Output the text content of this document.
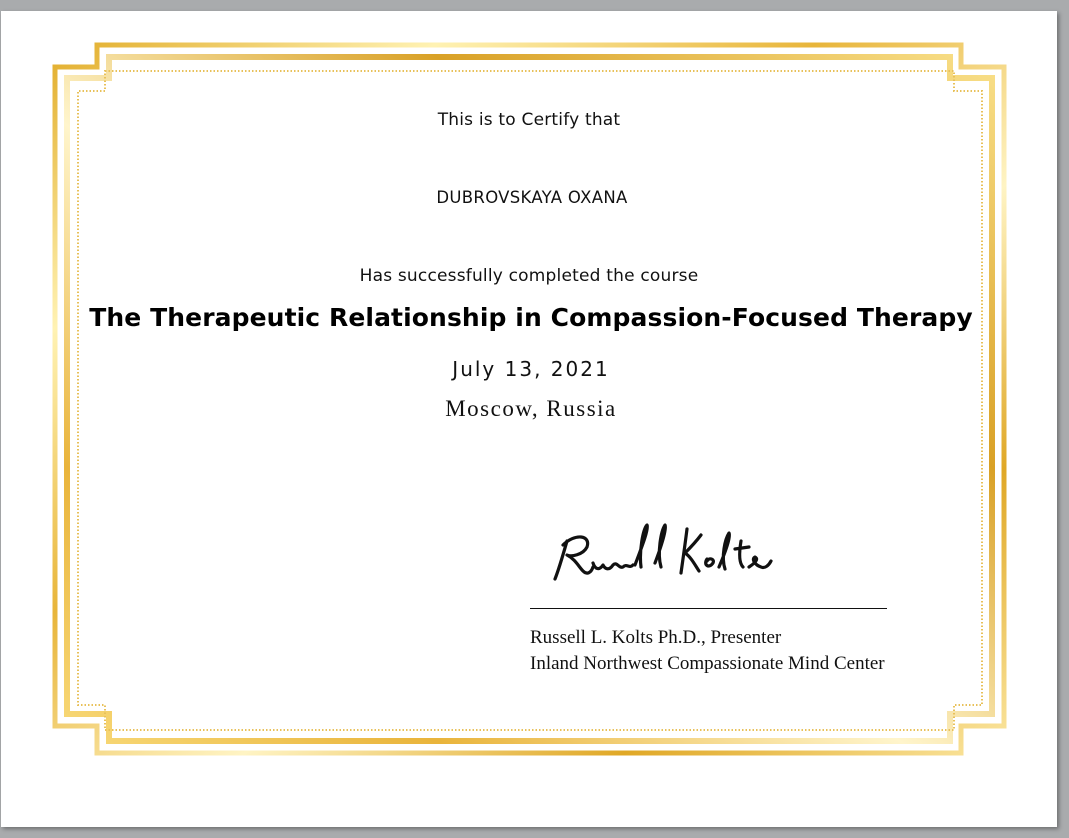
This is to Certify that
DUBROVSKAYA OXANA
Has successfully completed the course
The Therapeutic Relationship in Compassion-Focused Therapy
July 13, 2021
Moscow, Russia
Russell L. Kolts Ph.D., Presenter
Inland Northwest Compassionate Mind Center
